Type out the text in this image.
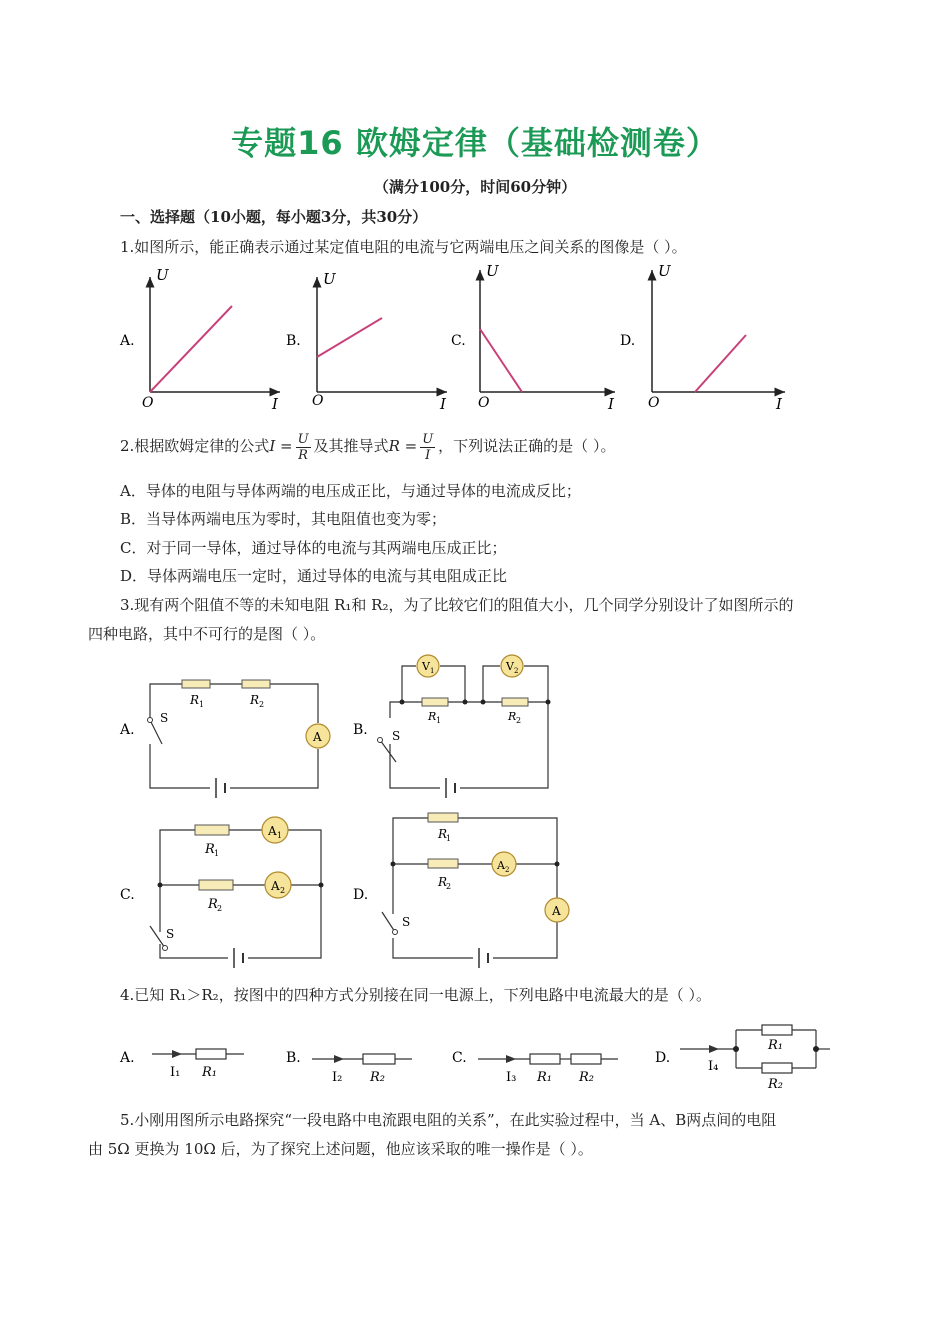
专题16 欧姆定律（基础检测卷）
（满分100分，时间60分钟）
一、选择题（10小题，每小题3分，共30分）
1.如图所示，能正确表示通过某定值电阻的电流与它两端电压之间关系的图像是（ ）。
A.
U
O	I
B.
U
O	I
C.
U
O	I
D.
U
O	I
2.根据欧姆定律的公式$I = \frac{U}{R}$ 及其推导式$R = \frac{U}{I}$ ，下列说法正确的是（ ）。
A．导体的电阻与导体两端的电压成正比，与通过导体的电流成反比；
B．当导体两端电压为零时，其电阻值也变为零；
C．对于同一导体，通过导体的电流与其两端电压成正比；
D．导体两端电压一定时，通过导体的电流与其电阻成正比
3.现有两个阻值不等的未知电阻 R₁和 R₂，为了比较它们的阻值大小，几个同学分别设计了如图所示的
四种电路，其中不可行的是图（ ）。
A.
R 1	R 2
A
S
B.
R 1	R 2
V 1	V 2
S
C.
R 1
R 2
A 1
A 2
S
D.
R
1
R
2
A 2
A
S
4.已知 R₁＞R₂，按图中的四种方式分别接在同一电源上，下列电路中电流最大的是（ ）。
A.
I₁ R₁
B.
I₂ R₂
C.
I₃ R₁ R₂
D.
I₄
R₁
R₂
5.小刚用图所示电路探究“一段电路中电流跟电阻的关系”，在此实验过程中，当 A、B两点间的电阻
由 5Ω 更换为 10Ω 后，为了探究上述问题，他应该采取的唯一操作是（ ）。
